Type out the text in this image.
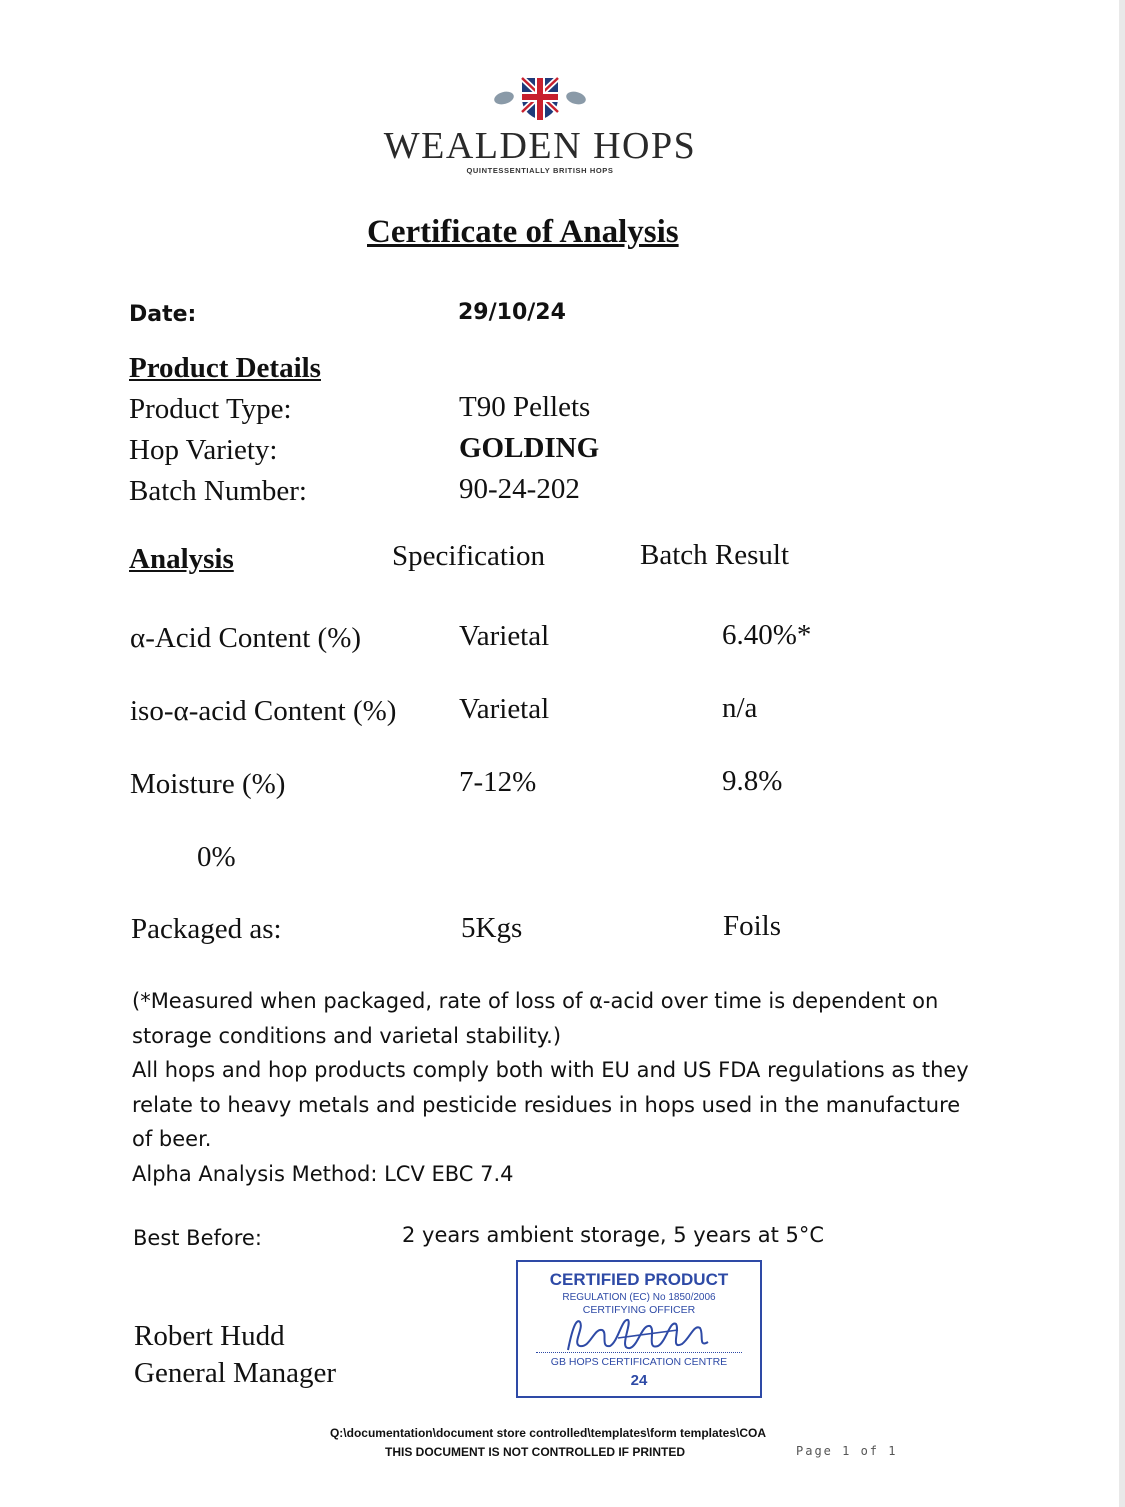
WEALDEN HOPS
QUINTESSENTIALLY BRITISH HOPS
Certificate of Analysis
Date:	29/10/24
Product Details
Product Type:	T90 Pellets
Hop Variety:	GOLDING
Batch Number:	90-24-202
Analysis	Specification	Batch Result
α-Acid Content (%)	Varietal	6.40%*
iso-α-acid Content (%) Varietal	n/a
Moisture (%)	7-12%	9.8%
0%
Packaged as:	5Kgs	Foils

(*Measured when packaged, rate of loss of α-acid over time is dependent on storage conditions and varietal stability.)

All hops and hop products comply both with EU and US FDA regulations as they relate to heavy metals and pesticide residues in hops used in the manufacture of beer.

Alpha Analysis Method: LCV EBC 7.4

Best Before:	2 years ambient storage, 5 years at 5°C
Robert Hudd
General Manager
CERTIFIED PRODUCT
REGULATION (EC) No 1850/2006
CERTIFYING OFFICER
GB HOPS CERTIFICATION CENTRE
24
Q:\documentation\document store controlled\templates\form templates\COA
THIS DOCUMENT IS NOT CONTROLLED IF PRINTED	Page 1 of 1
